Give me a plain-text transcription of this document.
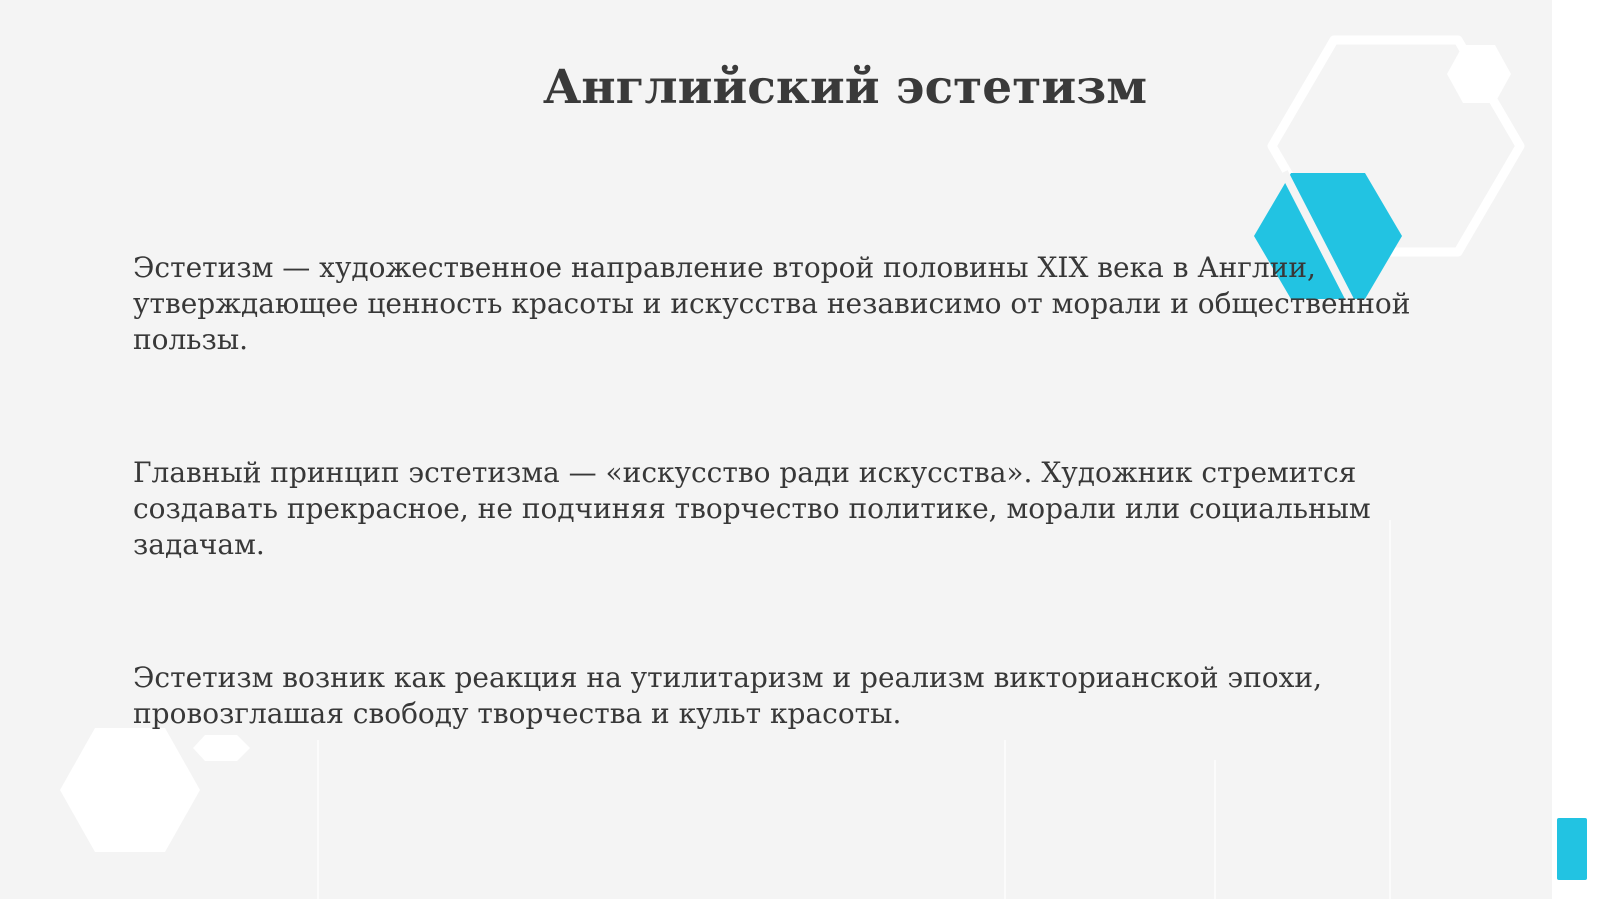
Английский эстетизм

Эстетизм — художественное направление второй половины XIX века в Англии, утверждающее ценность красоты и искусства независимо от морали и общественной пользы.

Главный принцип эстетизма — «искусство ради искусства». Художник стремится создавать прекрасное, не подчиняя творчество политике, морали или социальным задачам.

Эстетизм возник как реакция на утилитаризм и реализм викторианской эпохи, провозглашая свободу творчества и культ красоты.
